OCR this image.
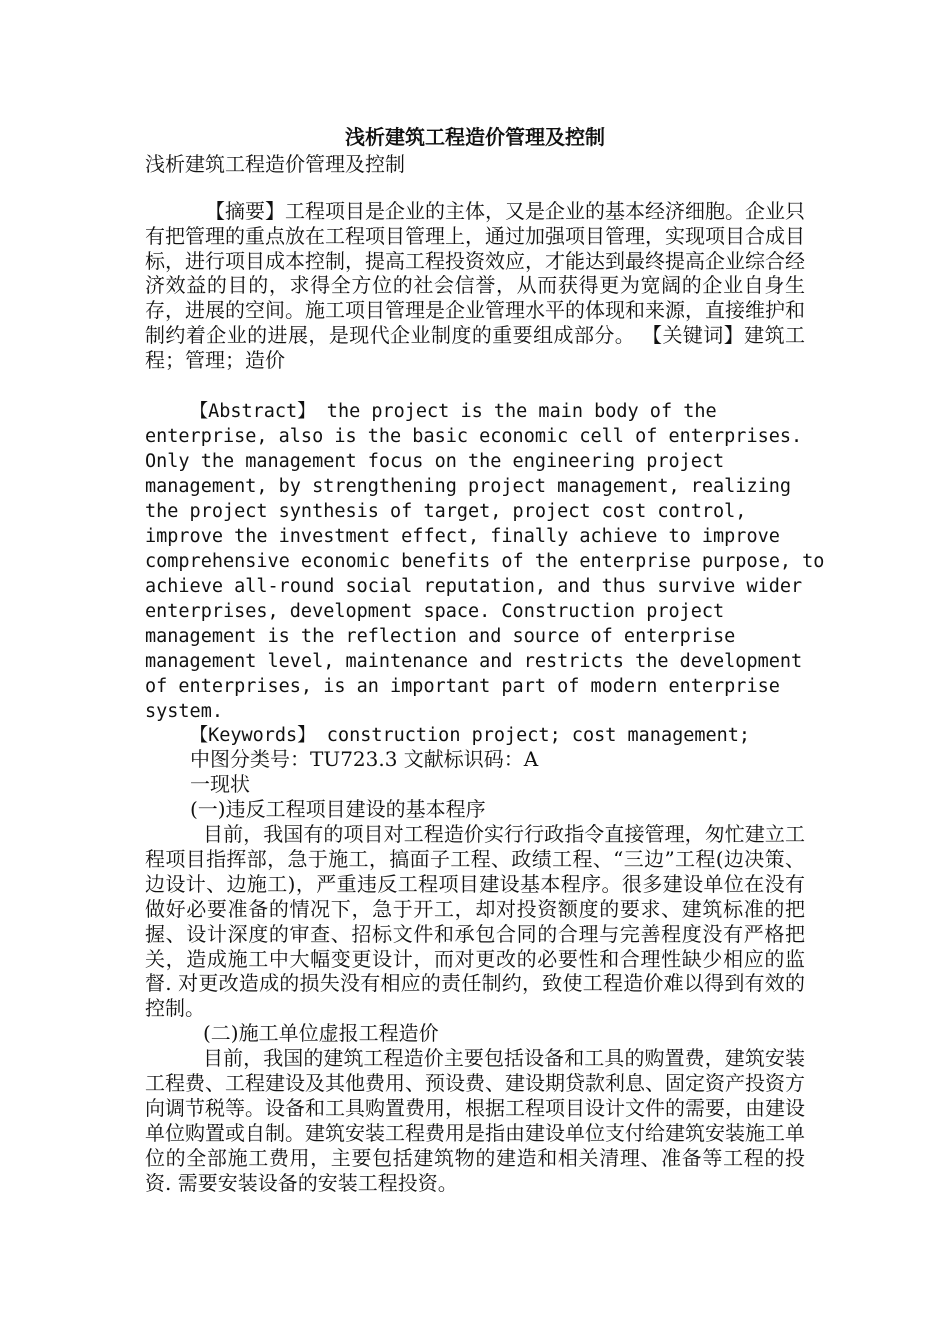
浅析建筑工程造价管理及控制
浅析建筑工程造价管理及控制
【摘要】工程项目是企业的主体，又是企业的基本经济细胞。企业只有把管理的重点放在工程项目管理上，通过加强项目管理，实现项目合成目标，进行项目成本控制，提高工程投资效应，才能达到最终提高企业综合经济效益的目的，求得全方位的社会信誉，从而获得更为宽阔的企业自身生存，进展的空间。施工项目管理是企业管理水平的体现和来源，直接维护和制约着企业的进展，是现代企业制度的重要组成部分。 【关键词】建筑工程；管理；造价
【Abstract】 the project is the main body of the enterprise, also is the basic economic cell of enterprises. Only the management focus on the engineering project management, by strengthening project management, realizing the project synthesis of target, project cost control, improve the investment effect, finally achieve to improve comprehensive economic benefits of the enterprise purpose, to achieve all-round social reputation, and thus survive wider enterprises, development space. Construction project management is the reflection and source of enterprise management level, maintenance and restricts the development of enterprises, is an important part of modern enterprise system.
【Keywords】 construction project; cost management;
中图分类号：TU723.3 文献标识码：A
一现状
(一)违反工程项目建设的基本程序
目前，我国有的项目对工程造价实行行政指令直接管理，匆忙建立工程项目指挥部，急于施工，搞面子工程、政绩工程、“三边”工程(边决策、边设计、边施工)，严重违反工程项目建设基本程序。很多建设单位在没有做好必要准备的情况下，急于开工，却对投资额度的要求、建筑标准的把握、设计深度的审查、招标文件和承包合同的合理与完善程度没有严格把关，造成施工中大幅变更设计，而对更改的必要性和合理性缺少相应的监督. 对更改造成的损失没有相应的责任制约，致使工程造价难以得到有效的控制。
(二)施工单位虚报工程造价
目前，我国的建筑工程造价主要包括设备和工具的购置费，建筑安装工程费、工程建设及其他费用、预设费、建设期贷款利息、固定资产投资方向调节税等。设备和工具购置费用，根据工程项目设计文件的需要，由建设单位购置或自制。建筑安装工程费用是指由建设单位支付给建筑安装施工单位的全部施工费用，主要包括建筑物的建造和相关清理、准备等工程的投资. 需要安装设备的安装工程投资。
